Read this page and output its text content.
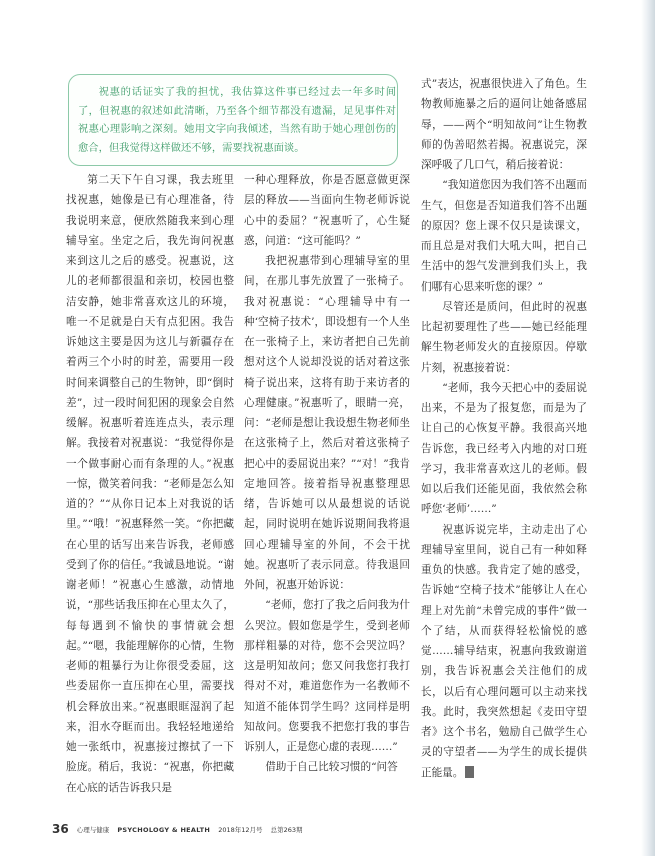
祝惠的话证实了我的担忧，我估算这件事已经过去一年多时间了，但祝惠的叙述如此清晰，乃至各个细节都没有遗漏，足见事件对祝惠心理影响之深刻。她用文字向我倾述，当然有助于她心理创伤的愈合，但我觉得这样做还不够，需要找祝惠面谈。

第二天下午自习课，我去班里找祝惠，她像是已有心理准备，待我说明来意，便欣然随我来到心理辅导室。坐定之后，我先询问祝惠来到这儿之后的感受。祝惠说，这儿的老师都很温和亲切，校园也整洁安静，她非常喜欢这儿的环境，唯一不足就是白天有点犯困。我告诉她这主要是因为这儿与新疆存在着两三个小时的时差，需要用一段时间来调整自己的生物钟，即“倒时差”，过一段时间犯困的现象会自然缓解。祝惠听着连连点头，表示理解。我接着对祝惠说：“我觉得你是一个做事耐心而有条理的人。”祝惠一惊，微笑着问我：“老师是怎么知道的？”“从你日记本上对我说的话里。”“哦！”祝惠释然一笑。“你把藏在心里的话写出来告诉我，老师感受到了你的信任。”我诚恳地说。“谢谢老师！”祝惠心生感激，动情地说，“那些话我压抑在心里太久了，每每遇到不愉快的事情就会想起。”“嗯，我能理解你的心情，生物老师的粗暴行为让你很受委屈，这些委屈你一直压抑在心里，需要找机会释放出来。”祝惠眼眶湿润了起来，泪水夺眶而出。我轻轻地递给她一张纸巾，祝惠接过擦拭了一下脸庞。稍后，我说：“祝惠，你把藏在心底的话告诉我只是

一种心理释放，你是否愿意做更深层的释放——当面向生物老师诉说心中的委屈？”祝惠听了，心生疑惑，问道：“这可能吗？”

我把祝惠带到心理辅导室的里间，在那儿事先放置了一张椅子。我对祝惠说：“心理辅导中有一种‘空椅子技术’，即设想有一个人坐在一张椅子上，来访者把自己先前想对这个人说却没说的话对着这张椅子说出来，这将有助于来访者的心理健康。”祝惠听了，眼睛一亮，问：“老师是想让我设想生物老师坐在这张椅子上，然后对着这张椅子把心中的委屈说出来？”“对！”我肯定地回答。接着指导祝惠整理思绪，告诉她可以从最想说的话说起，同时说明在她诉说期间我将退回心理辅导室的外间，不会干扰她。祝惠听了表示同意。待我退回外间，祝惠开始诉说：

“老师，您打了我之后问我为什么哭泣。假如您是学生，受到老师那样粗暴的对待，您不会哭泣吗？这是明知故问；您又问我您打我打得对不对，难道您作为一名教师不知道不能体罚学生吗？这同样是明知故问。您要我不把您打我的事告诉别人，正是您心虚的表现……”

借助于自己比较习惯的“问答

式”表达，祝惠很快进入了角色。生物教师施暴之后的逼问让她备感屈辱，——两个“明知故问”让生物教师的伪善昭然若揭。祝惠说完，深深呼吸了几口气，稍后接着说：

“我知道您因为我们答不出题而生气，但您是否知道我们答不出题的原因？您上课不仅只是读课文，而且总是对我们大吼大叫，把自己生活中的怨气发泄到我们头上，我们哪有心思来听您的课？”

尽管还是质问，但此时的祝惠比起初要理性了些——她已经能理解生物老师发火的直接原因。停歇片刻，祝惠接着说：

“老师，我今天把心中的委屈说出来，不是为了报复您，而是为了让自己的心恢复平静。我很高兴地告诉您，我已经考入内地的对口班学习，我非常喜欢这儿的老师。假如以后我们还能见面，我依然会称呼您‘老师’……”

祝惠诉说完毕，主动走出了心理辅导室里间，说自己有一种如释重负的快感。我肯定了她的感受，告诉她“空椅子技术”能够让人在心理上对先前“未曾完成的事件”做一个了结，从而获得轻松愉悦的感觉……辅导结束，祝惠向我致谢道别，我告诉祝惠会关注他们的成长，以后有心理问题可以主动来找我。此时，我突然想起《麦田守望者》这个书名，勉励自己做学生心灵的守望者——为学生的成长提供正能量。

36 心理与健康 PSYCHOLOGY & HEALTH 2018年12月号 总第263期
